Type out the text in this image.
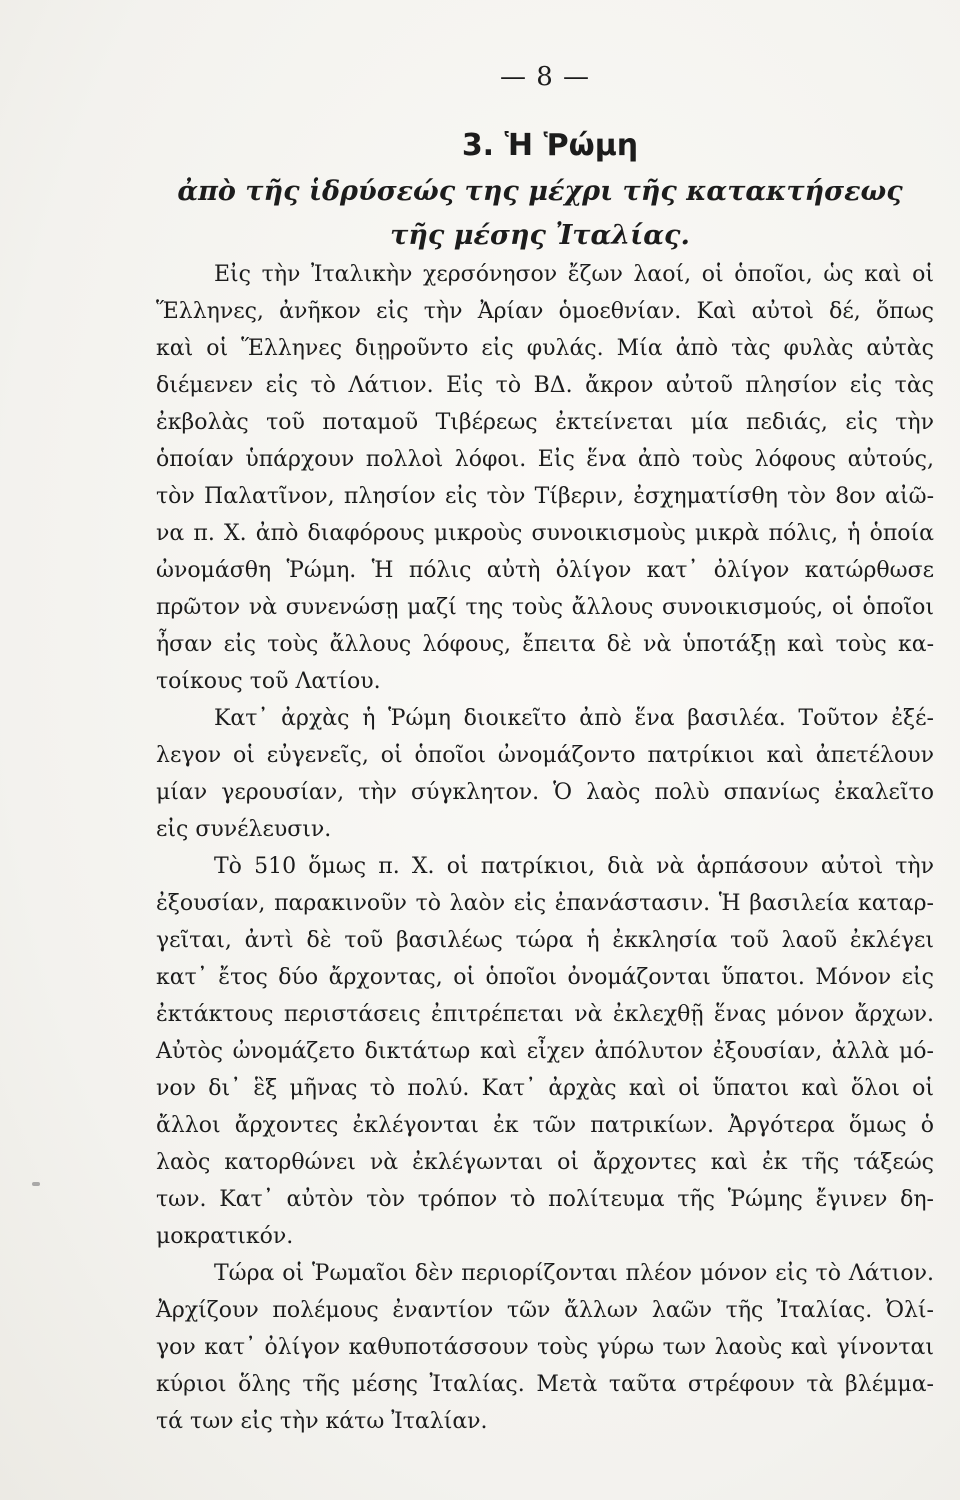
— 8 —
3. Ἡ Ῥώμη
ἀπὸ τῆς ἱδρύσεώς της μέχρι τῆς κατακτήσεως τῆς μέσης Ἰταλίας.
Εἰς τὴν Ἰταλικὴν χερσόνησον ἔζων λαοί, οἱ ὁποῖοι, ὡς καὶ οἱ
Ἕλληνες, ἀνῆκον εἰς τὴν Ἀρίαν ὁμοεθνίαν. Καὶ αὐτοὶ δέ, ὅπως
καὶ οἱ Ἕλληνες διῃροῦντο εἰς φυλάς. Μία ἀπὸ τὰς φυλὰς αὐτὰς
διέμενεν εἰς τὸ Λάτιον. Εἰς τὸ ΒΔ. ἄκρον αὐτοῦ πλησίον εἰς τὰς
ἐκβολὰς τοῦ ποταμοῦ Τιβέρεως ἐκτείνεται μία πεδιάς, εἰς τὴν
ὁποίαν ὑπάρχουν πολλοὶ λόφοι. Εἰς ἕνα ἀπὸ τοὺς λόφους αὐτούς,
τὸν Παλατῖνον, πλησίον εἰς τὸν Τίβεριν, ἐσχηματίσθη τὸν 8ον αἰῶ-
να π. Χ. ἀπὸ διαφόρους μικροὺς συνοικισμοὺς μικρὰ πόλις, ἡ ὁποία
ὠνομάσθη Ῥώμη. Ἡ πόλις αὐτὴ ὀλίγον κατ᾽ ὀλίγον κατώρθωσε
πρῶτον νὰ συνενώσῃ μαζί της τοὺς ἄλλους συνοικισμούς, οἱ ὁποῖοι
ἦσαν εἰς τοὺς ἄλλους λόφους, ἔπειτα δὲ νὰ ὑποτάξῃ καὶ τοὺς κα-
τοίκους τοῦ Λατίου.
Κατ᾽ ἀρχὰς ἡ Ῥώμη διοικεῖτο ἀπὸ ἕνα βασιλέα. Τοῦτον ἐξέ-
λεγον οἱ εὐγενεῖς, οἱ ὁποῖοι ὠνομάζοντο πατρίκιοι καὶ ἀπετέλουν
μίαν γερουσίαν, τὴν σύγκλητον. Ὁ λαὸς πολὺ σπανίως ἐκαλεῖτο
εἰς συνέλευσιν.
Τὸ 510 ὅμως π. Χ. οἱ πατρίκιοι, διὰ νὰ ἁρπάσουν αὐτοὶ τὴν
ἐξουσίαν, παρακινοῦν τὸ λαὸν εἰς ἐπανάστασιν. Ἡ βασιλεία καταρ-
γεῖται, ἀντὶ δὲ τοῦ βασιλέως τώρα ἡ ἐκκλησία τοῦ λαοῦ ἐκλέγει
κατ᾽ ἔτος δύο ἄρχοντας, οἱ ὁποῖοι ὀνομάζονται ὕπατοι. Μόνον εἰς
ἐκτάκτους περιστάσεις ἐπιτρέπεται νὰ ἐκλεχθῇ ἕνας μόνον ἄρχων.
Αὐτὸς ὠνομάζετο δικτάτωρ καὶ εἶχεν ἀπόλυτον ἐξουσίαν, ἀλλὰ μό-
νον δι᾽ ἓξ μῆνας τὸ πολύ. Κατ᾽ ἀρχὰς καὶ οἱ ὕπατοι καὶ ὅλοι οἱ
ἄλλοι ἄρχοντες ἐκλέγονται ἐκ τῶν πατρικίων. Ἀργότερα ὅμως ὁ
λαὸς κατορθώνει νὰ ἐκλέγωνται οἱ ἄρχοντες καὶ ἐκ τῆς τάξεώς
των. Κατ᾽ αὐτὸν τὸν τρόπον τὸ πολίτευμα τῆς Ῥώμης ἔγινεν δη-
μοκρατικόν.
Τώρα οἱ Ῥωμαῖοι δὲν περιορίζονται πλέον μόνον εἰς τὸ Λάτιον.
Ἀρχίζουν πολέμους ἐναντίον τῶν ἄλλων λαῶν τῆς Ἰταλίας. Ὀλί-
γον κατ᾽ ὀλίγον καθυποτάσσουν τοὺς γύρω των λαοὺς καὶ γίνονται
κύριοι ὅλης τῆς μέσης Ἰταλίας. Μετὰ ταῦτα στρέφουν τὰ βλέμμα-
τά των εἰς τὴν κάτω Ἰταλίαν.
